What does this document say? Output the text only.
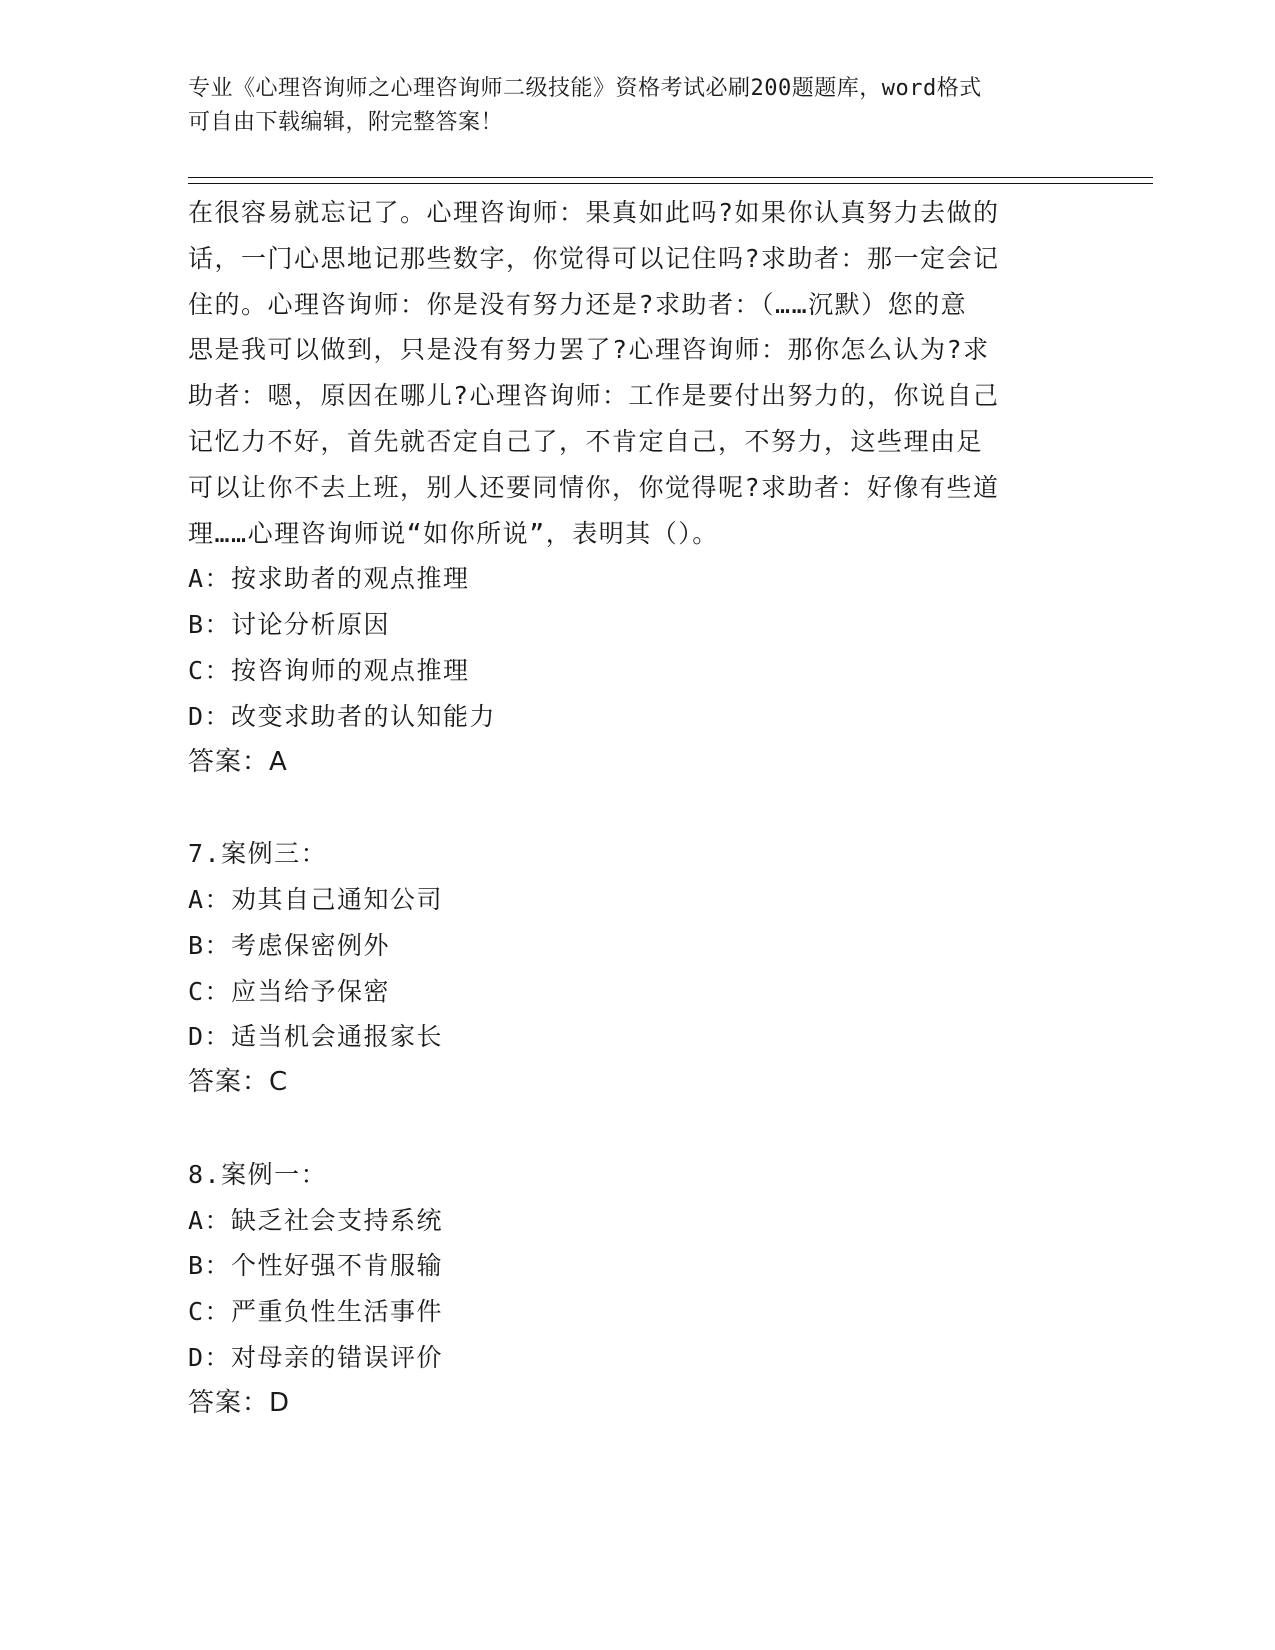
专业《心理咨询师之心理咨询师二级技能》资格考试必刷200题题库，word格式
可自由下载编辑，附完整答案！

在很容易就忘记了。心理咨询师：果真如此吗?如果你认真努力去做的

话，一门心思地记那些数字，你觉得可以记住吗?求助者：那一定会记

住的。心理咨询师：你是没有努力还是?求助者：（……沉默）您的意

思是我可以做到，只是没有努力罢了?心理咨询师：那你怎么认为?求

助者：嗯，原因在哪儿?心理咨询师：工作是要付出努力的，你说自己

记忆力不好，首先就否定自己了，不肯定自己，不努力，这些理由足

可以让你不去上班，别人还要同情你，你觉得呢?求助者：好像有些道

理……心理咨询师说“如你所说”，表明其（）。

A：按求助者的观点推理

B：讨论分析原因

C：按咨询师的观点推理

D：改变求助者的认知能力

答案：A

7.案例三：

A：劝其自己通知公司

B：考虑保密例外

C：应当给予保密

D：适当机会通报家长

答案：C

8.案例一：

A：缺乏社会支持系统

B：个性好强不肯服输

C：严重负性生活事件

D：对母亲的错误评价

答案：D
